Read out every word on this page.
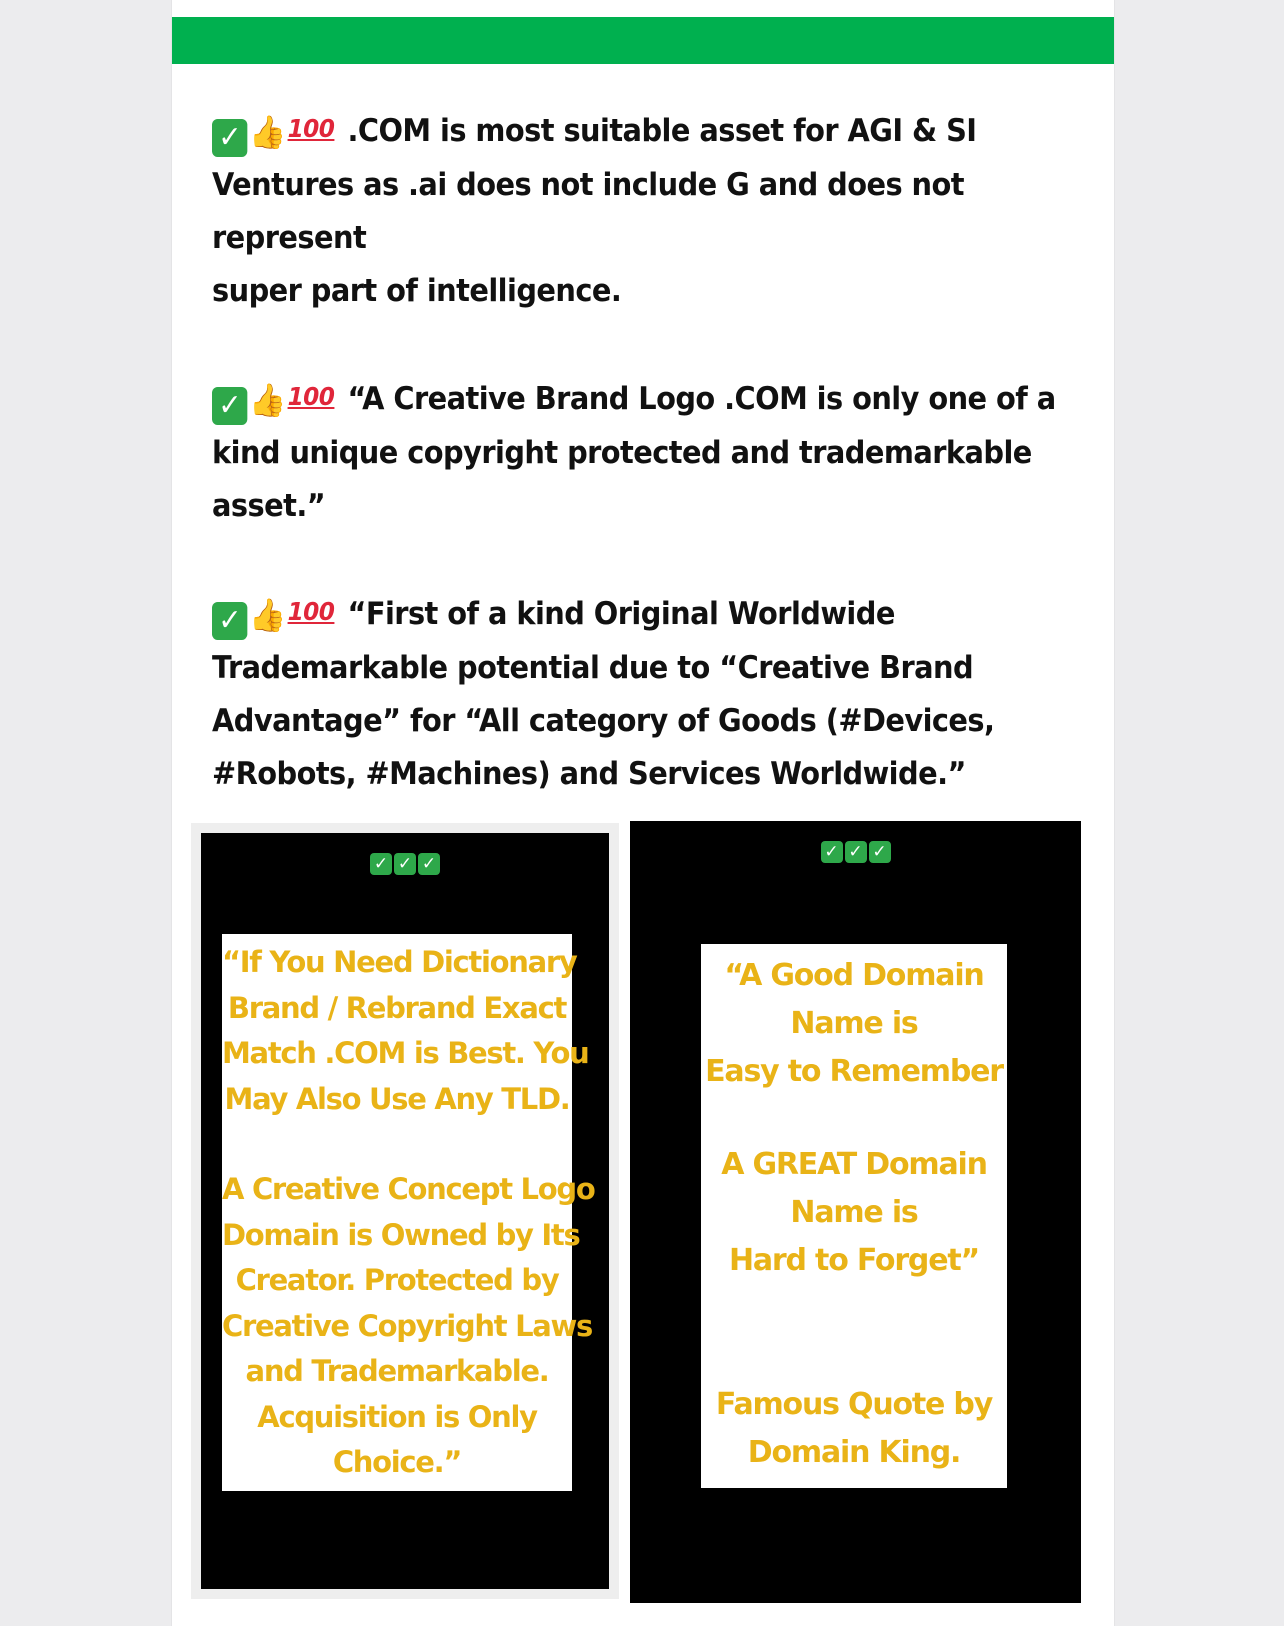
✓ 👍100 .COM is most suitable asset for AGI & SI
Ventures as .ai does not include G and does not represent
super part of intelligence.

✓ 👍100 “A Creative Brand Logo .COM is only one of a
kind unique copyright protected and trademarkable
asset.”

✓ 👍100 “First of a kind Original Worldwide
Trademarkable potential due to “Creative Brand
Advantage” for “All category of Goods (#Devices,
#Robots, #Machines) and Services Worldwide.”

✓ ✓ ✓
“If You Need Dictionary
Brand / Rebrand Exact
Match .COM is Best. You
May Also Use Any TLD.
A Creative Concept Logo
Domain is Owned by Its
Creator. Protected by
Creative Copyright Laws
and Trademarkable.
Acquisition is Only
Choice.”
✓ ✓ ✓
“A Good Domain
Name is
Easy to Remember
A GREAT Domain
Name is
Hard to Forget”
Famous Quote by
Domain King.
